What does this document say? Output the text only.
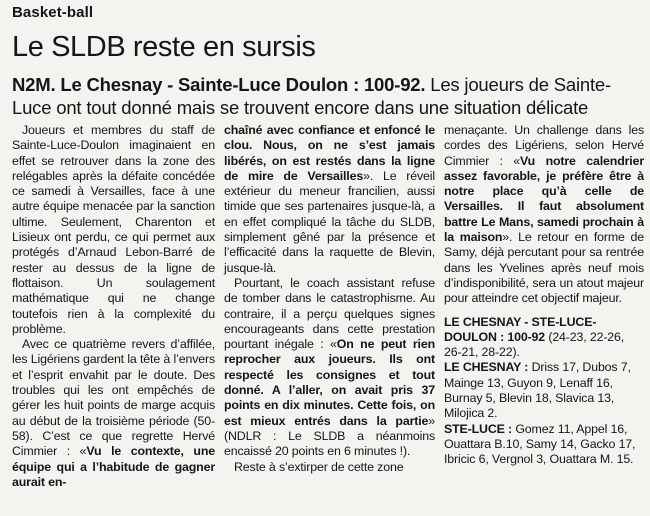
Basket-ball
Le SLDB reste en sursis
N2M. Le Chesnay - Sainte-Luce Doulon : 100-92. Les joueurs de Sainte-Luce ont tout donné mais se trouvent encore dans une situation délicate

Joueurs et membres du staff de Sainte-Luce-Doulon imaginaient en effet se retrouver dans la zone des relégables après la défaite concédée ce samedi à Versailles, face à une autre équipe menacée par la sanction ultime. Seulement, Charenton et Lisieux ont perdu, ce qui permet aux protégés d’Arnaud Lebon-Barré de rester au dessus de la ligne de flottaison. Un soulagement mathématique qui ne change toutefois rien à la complexité du problème.

Avec ce quatrième revers d’affilée, les Ligériens gardent la tête à l’envers et l’esprit envahit par le doute. Des troubles qui les ont empêchés de gérer les huit points de marge acquis au début de la troisième période (50-58). C’est ce que regrette Hervé Cimmier : «Vu le contexte, une équipe qui a l’habitude de gagner aurait en-

chaîné avec confiance et enfoncé le clou. Nous, on ne s’est jamais libérés, on est restés dans la ligne de mire de Versailles». Le réveil extérieur du meneur francilien, aussi timide que ses partenaires jusque-là, a en effet compliqué la tâche du SLDB, simplement gêné par la présence et l’efficacité dans la raquette de Blevin, jusque-là.

Pourtant, le coach assistant refuse de tomber dans le catastrophisme. Au contraire, il a perçu quelques signes encourageants dans cette prestation pourtant inégale : «On ne peut rien reprocher aux joueurs. Ils ont respecté les consignes et tout donné. A l’aller, on avait pris 37 points en dix minutes. Cette fois, on est mieux entrés dans la partie» (NDLR : Le SLDB a néanmoins encaissé 20 points en 6 minutes !).

Reste à s’extirper de cette zone

menaçante. Un challenge dans les cordes des Ligériens, selon Hervé Cimmier : «Vu notre calendrier assez favorable, je préfère être à notre place qu’à celle de Versailles. Il faut absolument battre Le Mans, samedi prochain à la maison». Le retour en forme de Samy, déjà percutant pour sa rentrée dans les Yvelines après neuf mois d’indisponibilité, sera un atout majeur pour atteindre cet objectif majeur.

LE CHESNAY - STE-LUCE-DOULON : 100-92 (24-23, 22-26, 26-21, 28-22).

LE CHESNAY : Driss 17, Dubos 7, Mainge 13, Guyon 9, Lenaff 16, Burnay 5, Blevin 18, Slavica 13, Milojica 2.

STE-LUCE : Gomez 11, Appel 16, Ouattara B.10, Samy 14, Gacko 17, Ibricic 6, Vergnol 3, Ouattara M. 15.
